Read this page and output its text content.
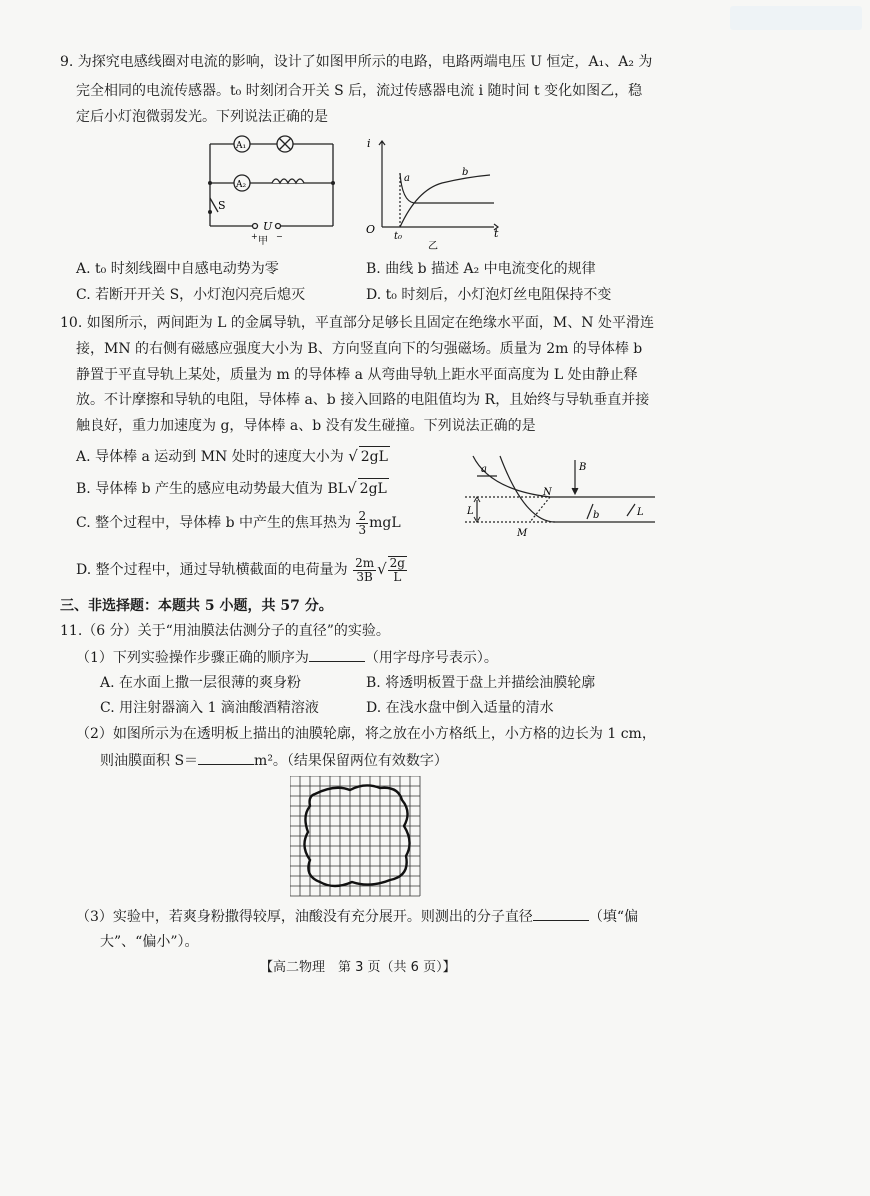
9. 为探究电感线圈对电流的影响，设计了如图甲所示的电路，电路两端电压 U 恒定，A₁、A₂ 为
完全相同的电流传感器。t₀ 时刻闭合开关 S 后，流过传感器电流 i 随时间 t 变化如图乙，稳
定后小灯泡微弱发光。下列说法正确的是
A₁
A₂
S
U
+ −
甲
i
t
O
t₀
a
b
乙
A. t₀ 时刻线圈中自感电动势为零	B. 曲线 b 描述 A₂ 中电流变化的规律
C. 若断开开关 S，小灯泡闪亮后熄灭	D. t₀ 时刻后，小灯泡灯丝电阻保持不变
10. 如图所示，两间距为 L 的金属导轨，平直部分足够长且固定在绝缘水平面，M、N 处平滑连
接，MN 的右侧有磁感应强度大小为 B、方向竖直向下的匀强磁场。质量为 2m 的导体棒 b
静置于平直导轨上某处，质量为 m 的导体棒 a 从弯曲导轨上距水平面高度为 L 处由静止释
放。不计摩擦和导轨的电阻，导体棒 a、b 接入回路的电阻值均为 R，且始终与导轨垂直并接
触良好，重力加速度为 g，导体棒 a、b 没有发生碰撞。下列说法正确的是
A. 导体棒 a 运动到 MN 处时的速度大小为 √ 2gL
B. 导体棒 b 产生的感应电动势最大值为 BL√ 2gL
C. 整个过程中，导体棒 b 中产生的焦耳热为 $\frac{2}{3}$ mgL
D. 整个过程中，通过导轨横截面的电荷量为 $\frac{2m}{3B}$ √ $\frac{2g}{L}$
a
b
B
M
N
L	L
三、非选择题：本题共 5 小题，共 57 分。
11.（6 分）关于“用油膜法估测分子的直径”的实验。
（1）下列实验操作步骤正确的顺序为	（用字母序号表示）。
A. 在水面上撒一层很薄的爽身粉	B. 将透明板置于盘上并描绘油膜轮廓
C. 用注射器滴入 1 滴油酸酒精溶液	D. 在浅水盘中倒入适量的清水
（2）如图所示为在透明板上描出的油膜轮廓，将之放在小方格纸上，小方格的边长为 1 cm，
则油膜面积 S＝	m²。（结果保留两位有效数字）
（3）实验中，若爽身粉撒得较厚，油酸没有充分展开。则测出的分子直径	（填“偏
大”、“偏小”）。
【高二物理　第 3 页（共 6 页）】
